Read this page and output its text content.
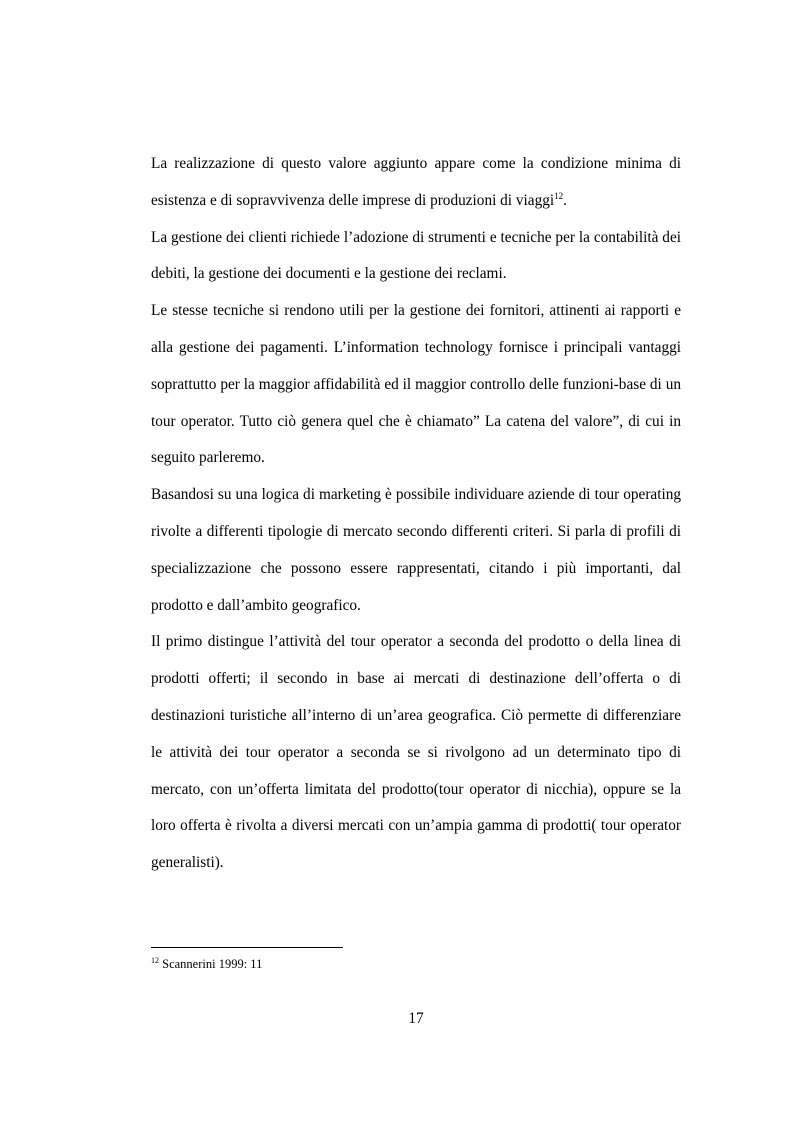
La realizzazione di questo valore aggiunto appare come la condizione minima di esistenza e di sopravvivenza delle imprese di produzioni di viaggi$^{12}$.

La gestione dei clienti richiede l’adozione di strumenti e tecniche per la contabilità dei debiti, la gestione dei documenti e la gestione dei reclami.

Le stesse tecniche si rendono utili per la gestione dei fornitori, attinenti ai rapporti e alla gestione dei pagamenti. L’information technology fornisce i principali vantaggi soprattutto per la maggior affidabilità ed il maggior controllo delle funzioni-base di un tour operator. Tutto ciò genera quel che è chiamato” La catena del valore”, di cui in seguito parleremo.

Basandosi su una logica di marketing è possibile individuare aziende di tour operating rivolte a differenti tipologie di mercato secondo differenti criteri. Si parla di profili di specializzazione che possono essere rappresentati, citando i più importanti, dal prodotto e dall’ambito geografico.

Il primo distingue l’attività del tour operator a seconda del prodotto o della linea di prodotti offerti; il secondo in base ai mercati di destinazione dell’offerta o di destinazioni turistiche all’interno di un’area geografica. Ciò permette di differenziare le attività dei tour operator a seconda se si rivolgono ad un determinato tipo di mercato, con un’offerta limitata del prodotto(tour operator di nicchia), oppure se la loro offerta è rivolta a diversi mercati con un’ampia gamma di prodotti( tour operator generalisti).

$^{12}$ Scannerini 1999: 11

17
